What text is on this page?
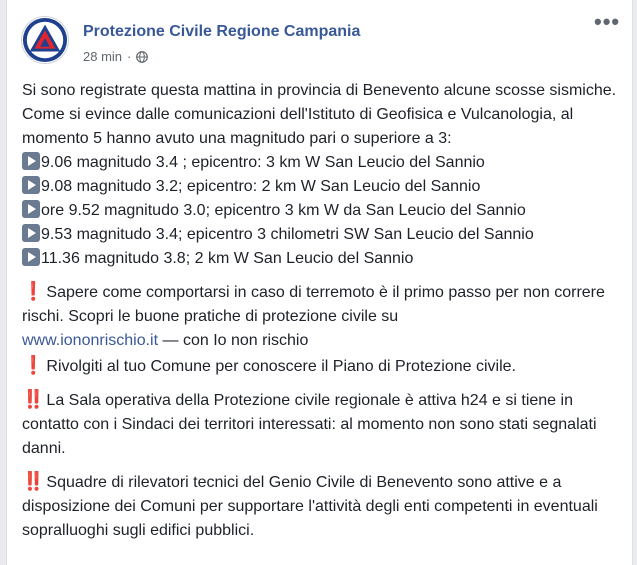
Protezione Civile Regione Campania
28 min ·
•••
Si sono registrate questa mattina in provincia di Benevento alcune scosse sismiche.
Come si evince dalle comunicazioni dell'Istituto di Geofisica e Vulcanologia, al momento 5 hanno avuto una magnitudo pari o superiore a 3:
9.06 magnitudo 3.4 ; epicentro: 3 km W San Leucio del Sannio
9.08 magnitudo 3.2; epicentro: 2 km W San Leucio del Sannio
ore 9.52 magnitudo 3.0; epicentro 3 km W da San Leucio del Sannio
9.53 magnitudo 3.4; epicentro 3 chilometri SW San Leucio del Sannio
11.36 magnitudo 3.8; 2 km W San Leucio del Sannio
❗ Sapere come comportarsi in caso di terremoto è il primo passo per non correre rischi. Scopri le buone pratiche di protezione civile su
www.iononrischio.it — con Io non rischio
❗ Rivolgiti al tuo Comune per conoscere il Piano di Protezione civile.
‼️ La Sala operativa della Protezione civile regionale è attiva h24 e si tiene in contatto con i Sindaci dei territori interessati: al momento non sono stati segnalati danni.
‼️ Squadre di rilevatori tecnici del Genio Civile di Benevento sono attive e a disposizione dei Comuni per supportare l'attività degli enti competenti in eventuali sopralluoghi sugli edifici pubblici.
